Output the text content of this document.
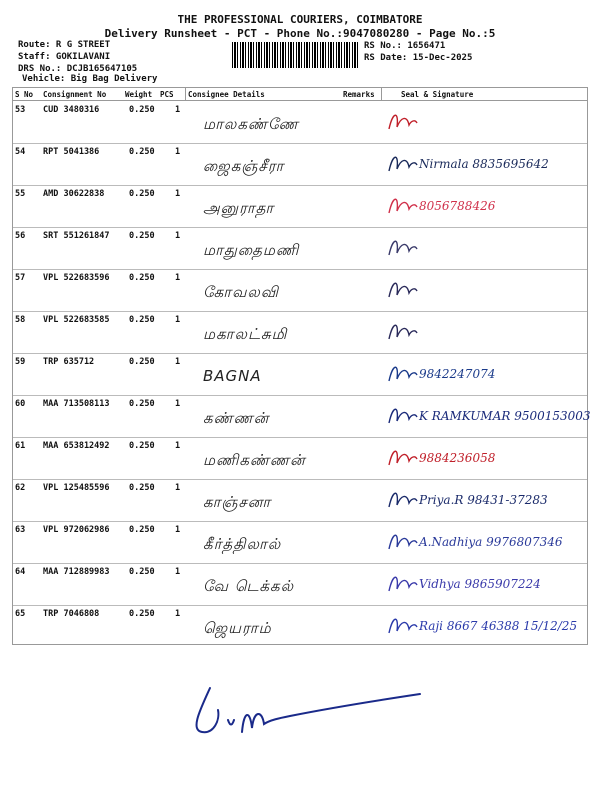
THE PROFESSIONAL COURIERS, COIMBATORE
Delivery Runsheet - PCT - Phone No.:9047080280 - Page No.:5
Route: R G STREET
Staff: GOKILAVANI
DRS No.: DCJB165647105
Vehicle: Big Bag Delivery
RS No.: 1656471
RS Date: 15-Dec-2025
S No Consignment No	Weight PCS Consignee Details	Remarks	Seal & Signature
53 CUD 3480316	0.250 1
மாலகண்ணே
54 RPT 5041386	0.250 1
ஜைகஞ்சீரா	Nirmala 8835695642
55 AMD 30622838	0.250 1
அனுராதா	8056788426
56 SRT 551261847 0.250 1
மாதுதைமணி
57 VPL 522683596 0.250 1
கோவலவி
58 VPL 522683585 0.250 1
மகாலட்சுமி
59 TRP 635712	0.250 1
BAGNA	9842247074
60 MAA 713508113 0.250 1
கண்ணன்	K RAMKUMAR 9500153003
61 MAA 653812492 0.250 1
மணிகண்ணன்	9884236058
62 VPL 125485596 0.250 1
காஞ்சனா	Priya.R 98431-37283
63 VPL 972062986 0.250 1
கீர்த்திலால்	A.Nadhiya 9976807346
64 MAA 712889983 0.250 1
வே டெக்கல்	Vidhya 9865907224
65 TRP 7046808	0.250 1
ஜெயராம்	Raji 8667 46388 15/12/25
